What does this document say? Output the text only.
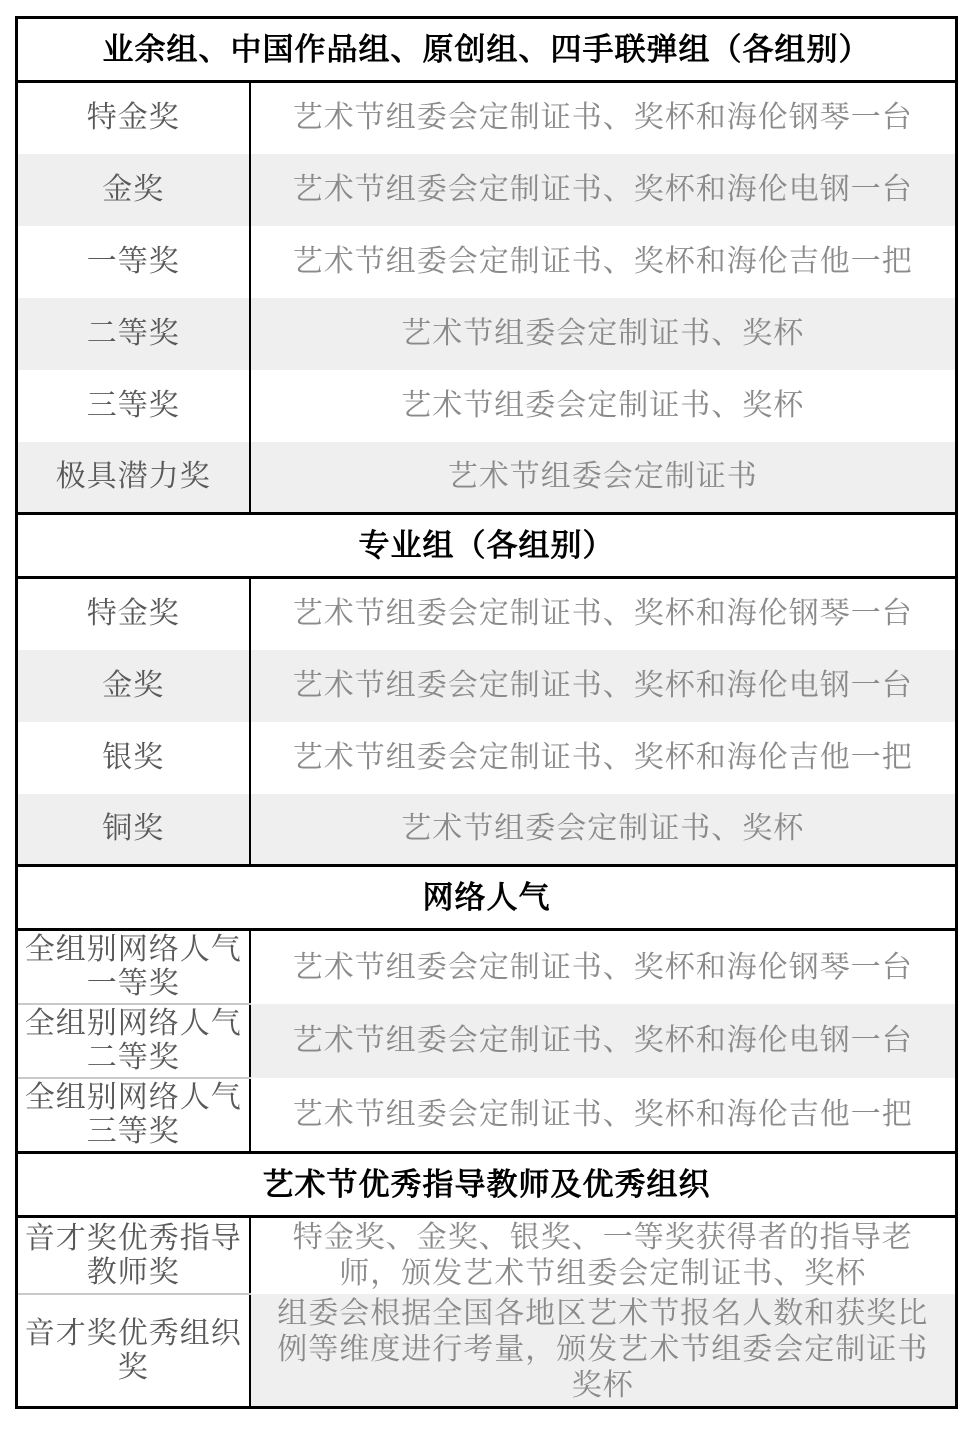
业余组、中国作品组、原创组、四手联弹组（各组别）	
特金奖	艺术节组委会定制证书、奖杯和海伦钢琴一台
金奖	艺术节组委会定制证书、奖杯和海伦电钢一台
一等奖	艺术节组委会定制证书、奖杯和海伦吉他一把
二等奖	艺术节组委会定制证书、奖杯
三等奖	艺术节组委会定制证书、奖杯
极具潜力奖	艺术节组委会定制证书
专业组（各组别）	
特金奖	艺术节组委会定制证书、奖杯和海伦钢琴一台
金奖	艺术节组委会定制证书、奖杯和海伦电钢一台
银奖	艺术节组委会定制证书、奖杯和海伦吉他一把
铜奖	艺术节组委会定制证书、奖杯
网络人气	
全组别网络人气一等奖	艺术节组委会定制证书、奖杯和海伦钢琴一台
全组别网络人气二等奖	艺术节组委会定制证书、奖杯和海伦电钢一台
全组别网络人气三等奖	艺术节组委会定制证书、奖杯和海伦吉他一把
艺术节优秀指导教师及优秀组织	
音才奖优秀指导教师奖	特金奖、金奖、银奖、一等奖获得者的指导老师，颁发艺术节组委会定制证书、奖杯
音才奖优秀组织奖	组委会根据全国各地区艺术节报名人数和获奖比例等维度进行考量，颁发艺术节组委会定制证书奖杯
